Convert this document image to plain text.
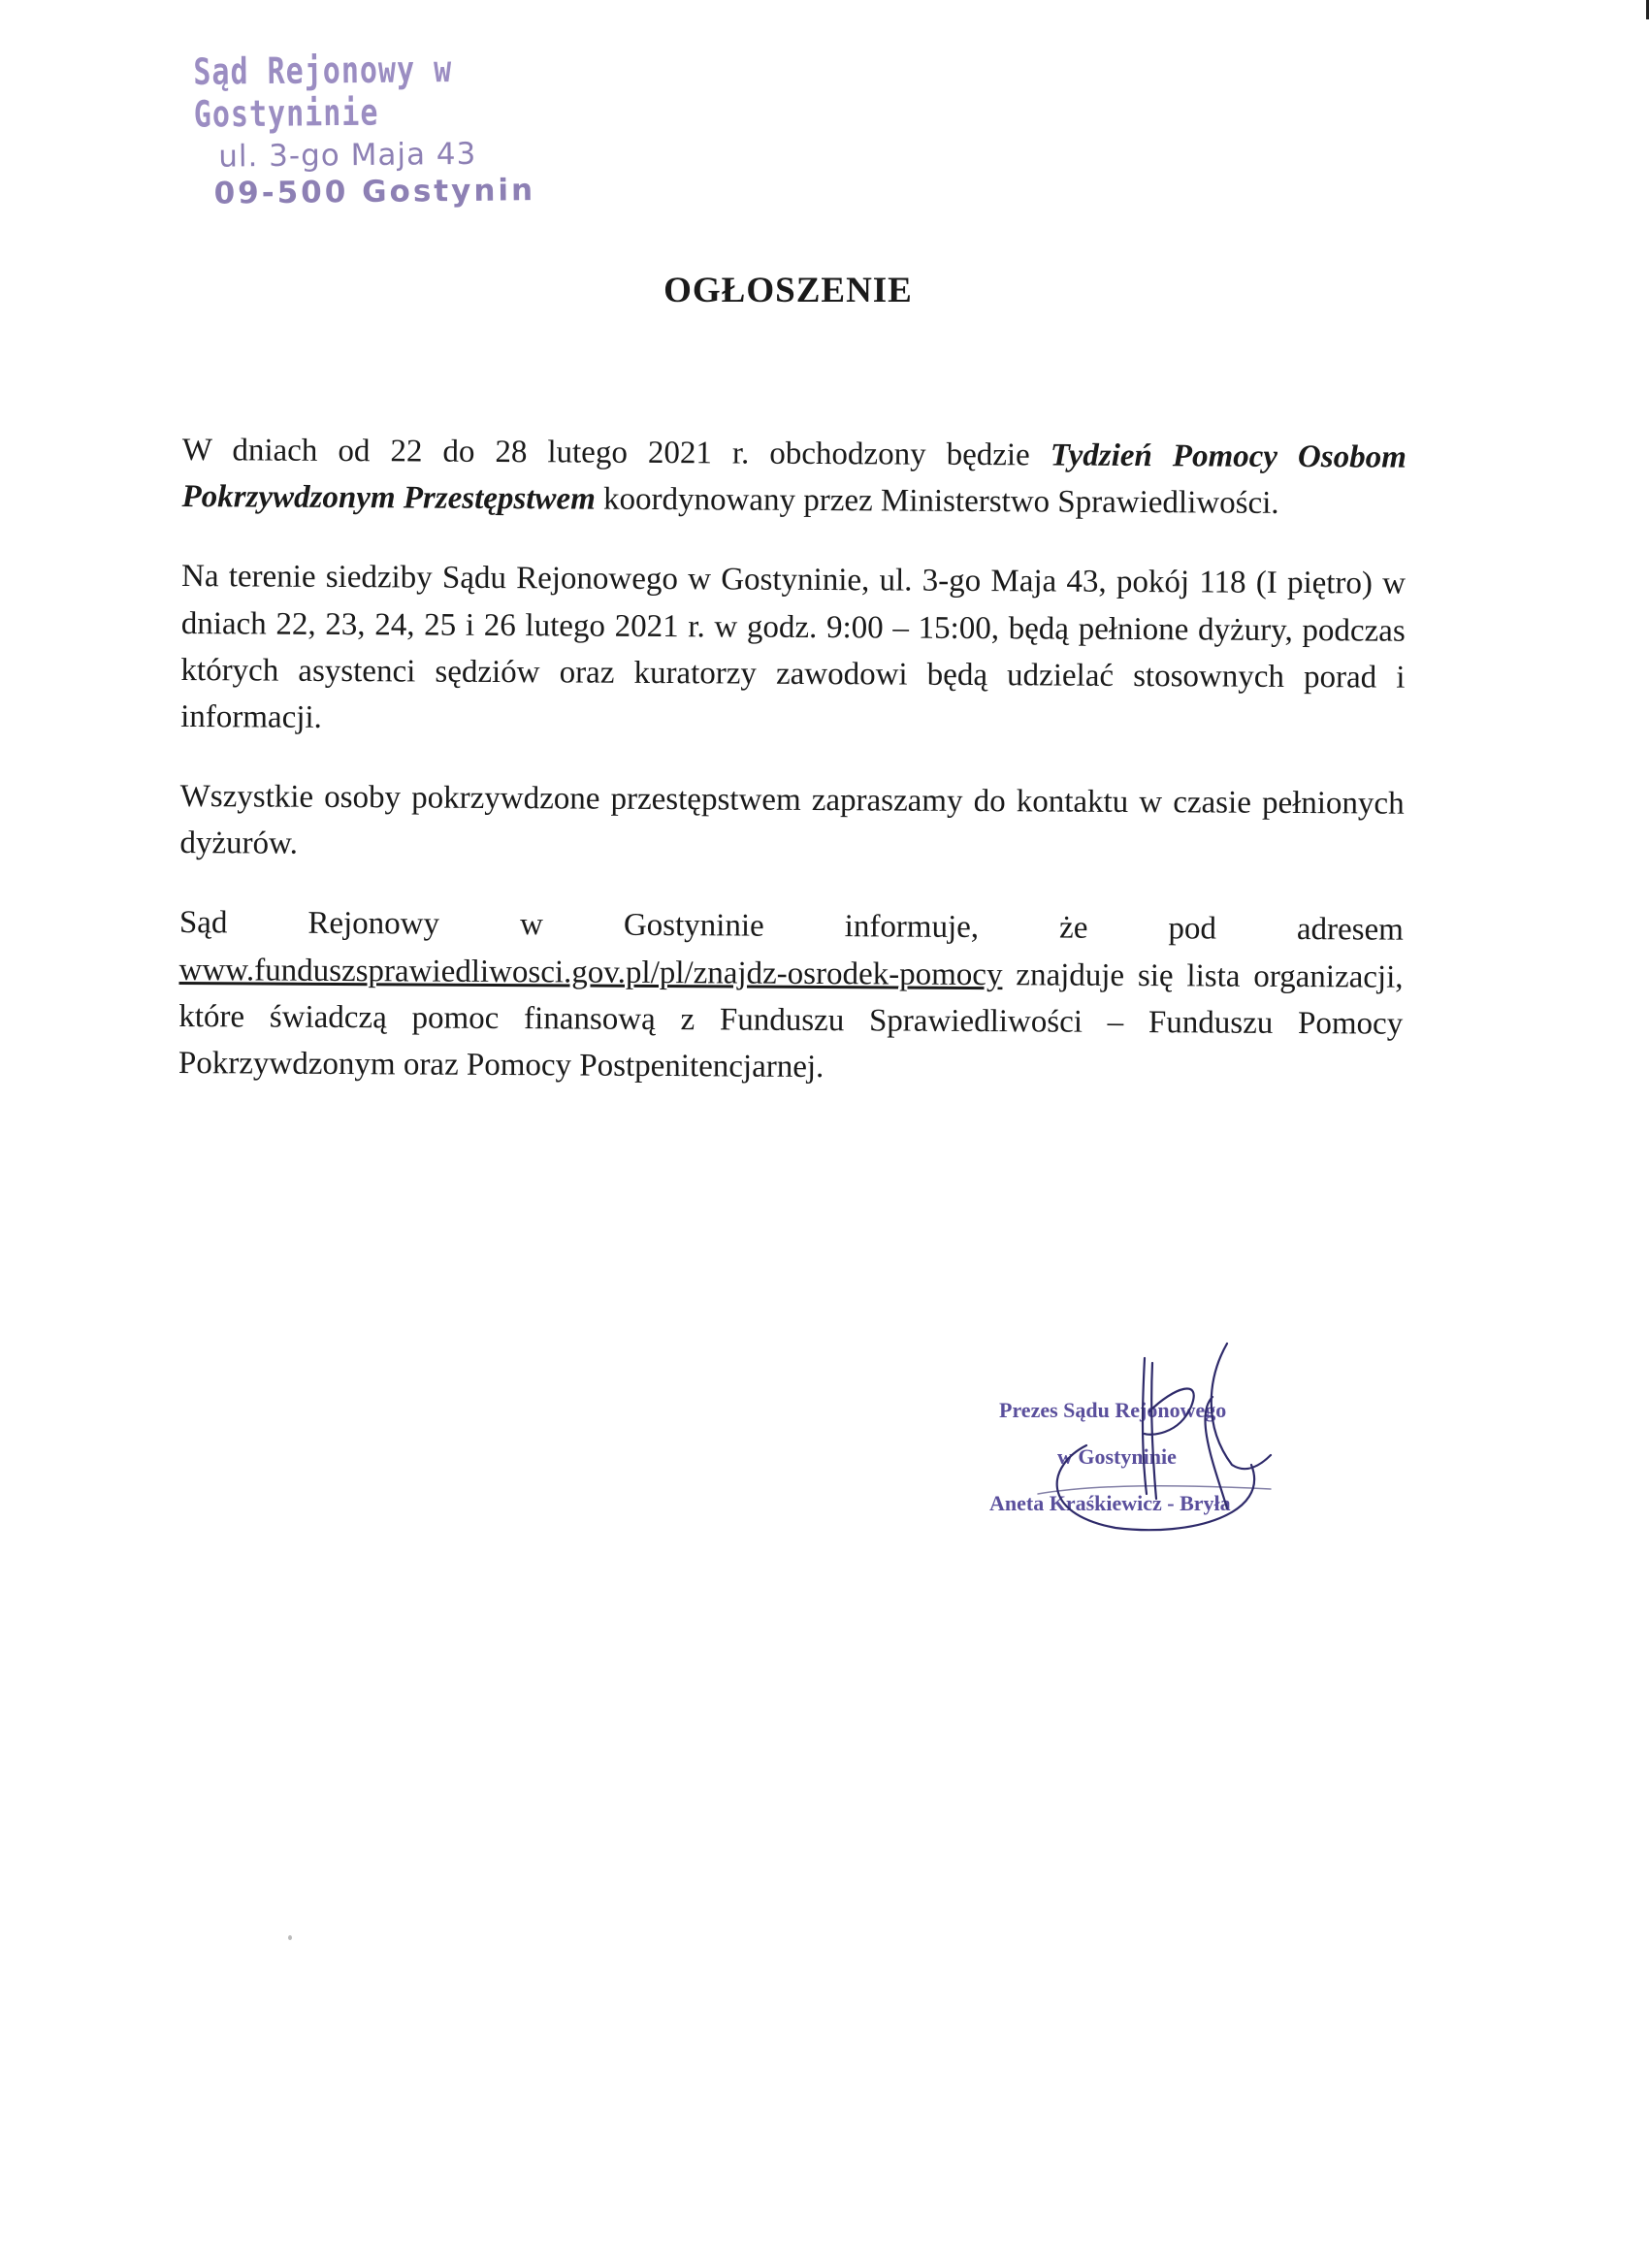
Sąd Rejonowy w Gostyninie
ul. 3-go Maja 43
09-500 Gostynin
OGŁOSZENIE

W dniach od 22 do 28 lutego 2021 r. obchodzony będzie Tydzień Pomocy Osobom Pokrzywdzonym Przestępstwem koordynowany przez Ministerstwo Sprawiedliwości.

Na terenie siedziby Sądu Rejonowego w Gostyninie, ul. 3-go Maja 43, pokój 118 (I piętro) w dniach 22, 23, 24, 25 i 26 lutego 2021 r. w godz. 9:00 – 15:00, będą pełnione dyżury, podczas których asystenci sędziów oraz kuratorzy zawodowi będą udzielać stosownych porad i informacji.

Wszystkie osoby pokrzywdzone przestępstwem zapraszamy do kontaktu w czasie pełnionych dyżurów.

Sąd Rejonowy w Gostyninie informuje, że pod adresem www.funduszsprawiedliwosci.gov.pl/pl/znajdz-osrodek-pomocy znajduje się lista organizacji, które świadczą pomoc finansową z Funduszu Sprawiedliwości – Funduszu Pomocy Pokrzywdzonym oraz Pomocy Postpenitencjarnej.

Prezes Sądu Rejonowego
w Gostyninie
Aneta Kraśkiewicz - Bryła
